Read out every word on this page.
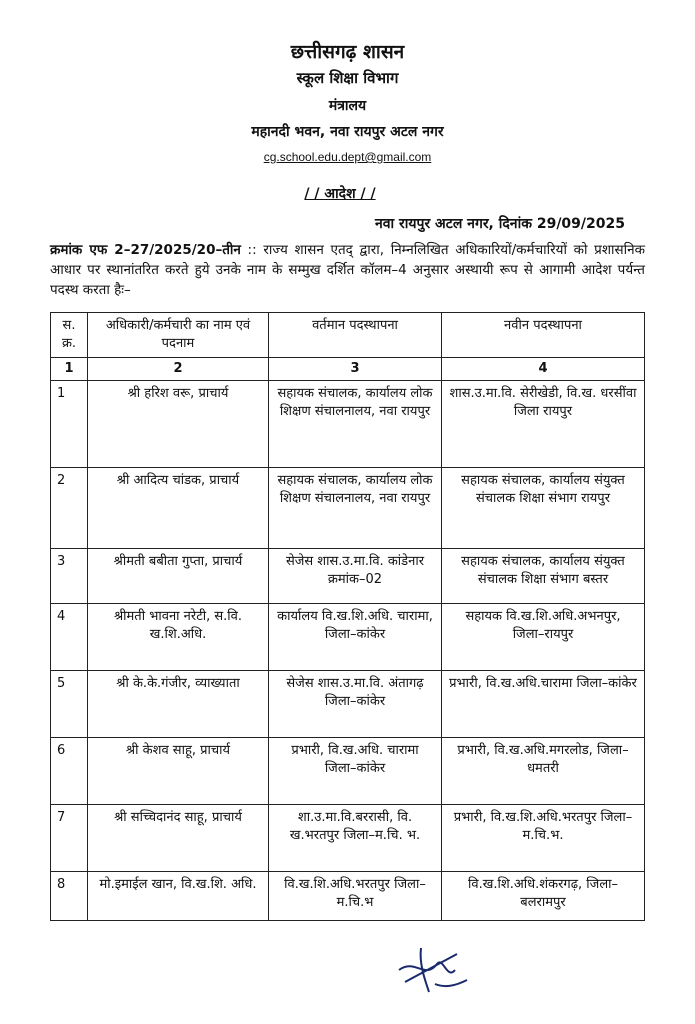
छत्तीसगढ़ शासन
स्कूल शिक्षा विभाग
मंत्रालय
महानदी भवन, नवा रायपुर अटल नगर
cg.school.edu.dept@gmail.com
/ / आदेश / /
नवा रायपुर अटल नगर, दिनांक 29/09/2025
क्रमांक एफ 2–27/2025/20–तीन :: राज्य शासन एतद् द्वारा, निम्नलिखित अधिकारियों/कर्मचारियों को प्रशासनिक आधार पर स्थानांतरित करते हुये उनके नाम के सम्मुख दर्शित कॉलम–4 अनुसार अस्थायी रूप से आगामी आदेश पर्यन्त पदस्थ करता हैः–
स. क्र.	अधिकारी/कर्मचारी का नाम एवं पदनाम	वर्तमान पदस्थापना	नवीन पदस्थापना
1	2	3	4
1	श्री हरिश वरू, प्राचार्य	सहायक संचालक, कार्यालय लोक शिक्षण संचालनालय, नवा रायपुर	शास.उ.मा.वि. सेरीखेडी, वि.ख. धरसींवा जिला रायपुर
2	श्री आदित्य चांडक, प्राचार्य	सहायक संचालक, कार्यालय लोक शिक्षण संचालनालय, नवा रायपुर	सहायक संचालक, कार्यालय संयुक्त संचालक शिक्षा संभाग रायपुर
3	श्रीमती बबीता गुप्ता, प्राचार्य	सेजेस शास.उ.मा.वि. कांडेनार क्रमांक–02	सहायक संचालक, कार्यालय संयुक्त संचालक शिक्षा संभाग बस्तर
4	श्रीमती भावना नरेटी, स.वि. ख.शि.अधि.	कार्यालय वि.ख.शि.अधि. चारामा, जिला–कांकेर	सहायक वि.ख.शि.अधि.अभनपुर, जिला–रायपुर
5	श्री के.के.गंजीर, व्याख्याता	सेजेस शास.उ.मा.वि. अंतागढ़ जिला–कांकेर	प्रभारी, वि.ख.अधि.चारामा जिला–कांकेर
6	श्री केशव साहू, प्राचार्य	प्रभारी, वि.ख.अधि. चारामा जिला–कांकेर	प्रभारी, वि.ख.अधि.मगरलोड, जिला–धमतरी
7	श्री सच्चिदानंद साहू, प्राचार्य	शा.उ.मा.वि.बररासी, वि. ख.भरतपुर जिला–म.चि. भ.	प्रभारी, वि.ख.शि.अधि.भरतपुर जिला–म.चि.भ.
8	मो.इमाईल खान, वि.ख.शि. अधि.	वि.ख.शि.अधि.भरतपुर जिला–म.चि.भ	वि.ख.शि.अधि.शंकरगढ़, जिला–बलरामपुर
